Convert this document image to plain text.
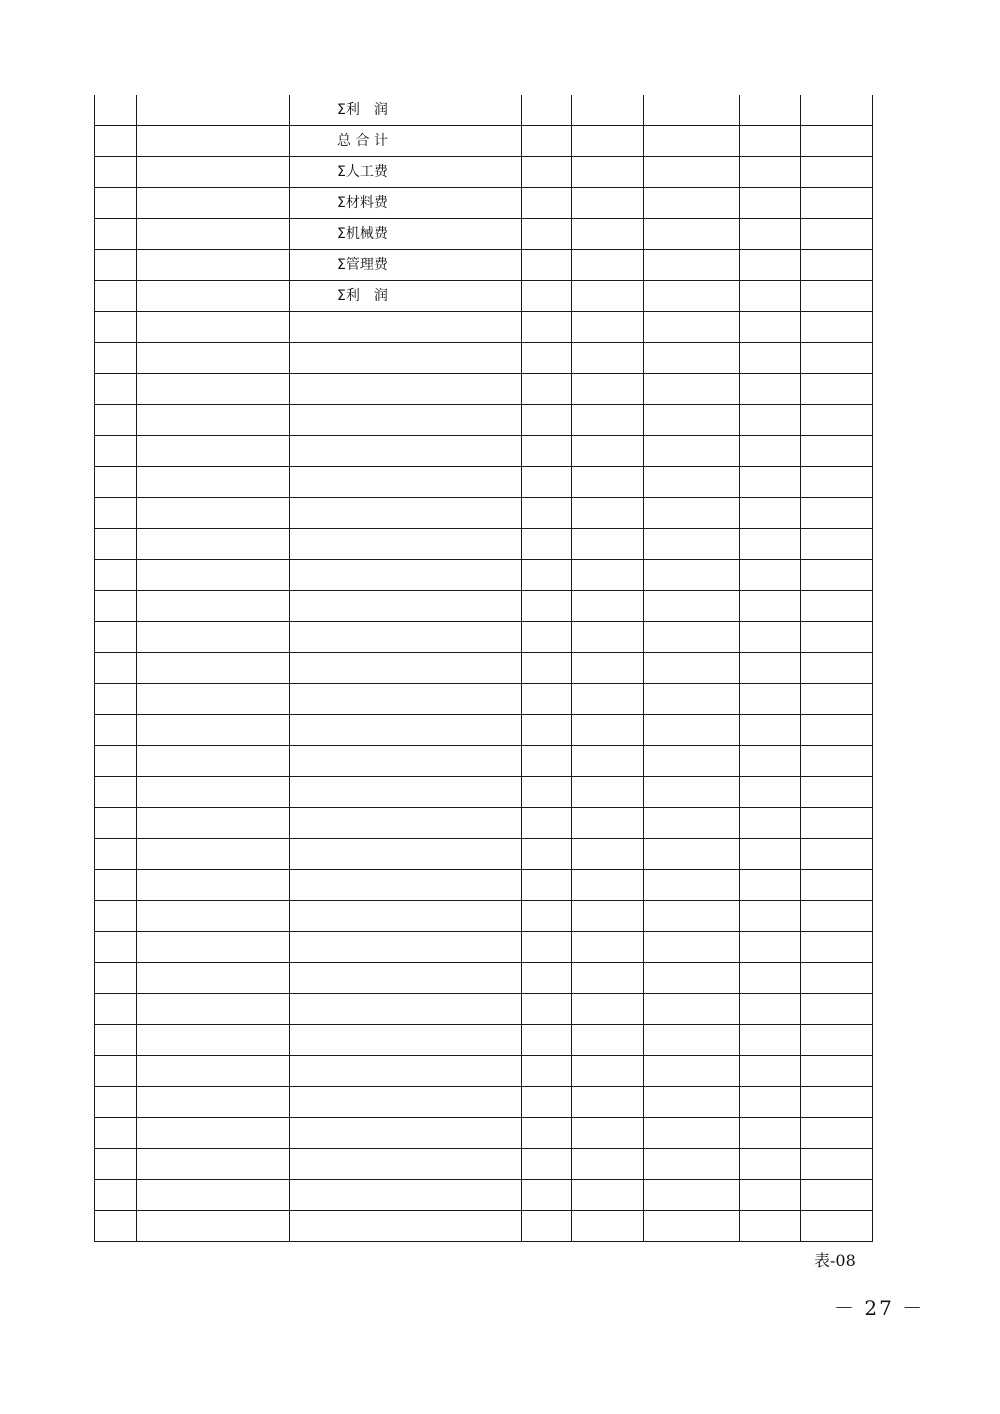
		Σ利　润					
		总 合 计					
		Σ人工费					
		Σ材料费					
		Σ机械费					
		Σ管理费					
		Σ利　润					

表-08
－ 27 －
